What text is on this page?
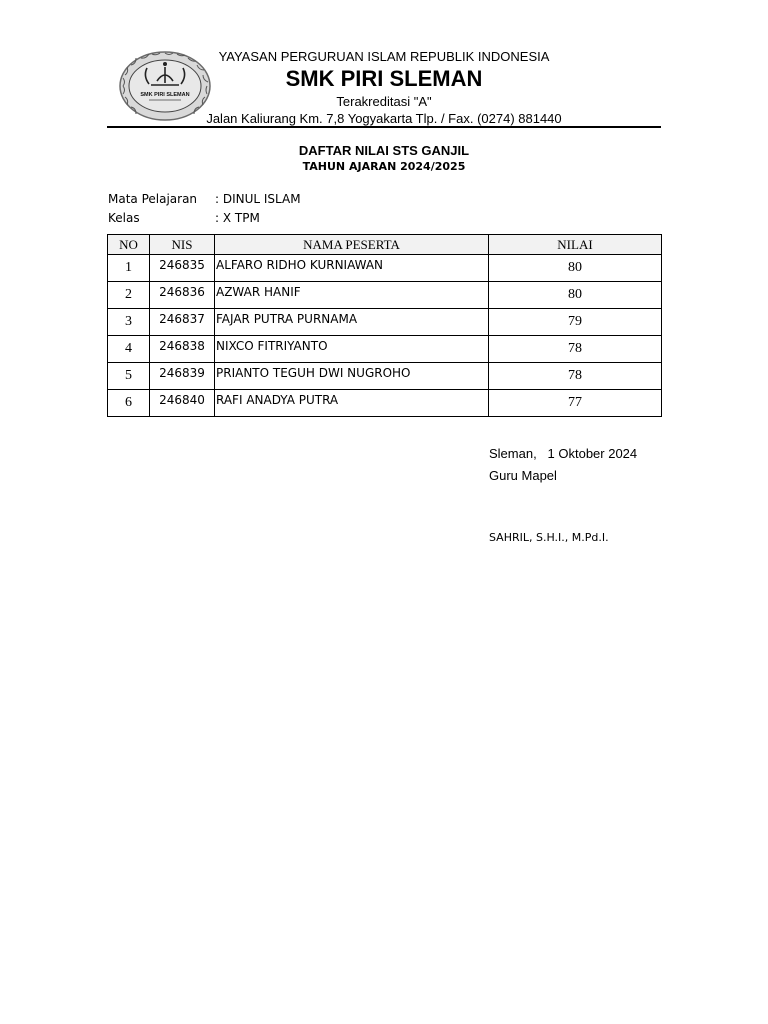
SMK PIRI SLEMAN
YAYASAN PERGURUAN ISLAM REPUBLIK INDONESIA
SMK PIRI SLEMAN
Terakreditasi "A"
Jalan Kaliurang Km. 7,8 Yogyakarta Tlp. / Fax. (0274) 881440
DAFTAR NILAI STS GANJIL
TAHUN AJARAN 2024/2025
Mata Pelajaran : DINUL ISLAM
Kelas	: X TPM
NO	NIS	NAMA PESERTA	NILAI

1	246835	ALFARO RIDHO KURNIAWAN	80

2	246836	AZWAR HANIF	80

3	246837	FAJAR PUTRA PURNAMA	79

4	246838	NIXCO FITRIYANTO	78

5	246839	PRIANTO TEGUH DWI NUGROHO	78

6	246840	RAFI ANADYA PUTRA	77
Sleman,   1 Oktober 2024
Guru Mapel
SAHRIL, S.H.I., M.Pd.I.
